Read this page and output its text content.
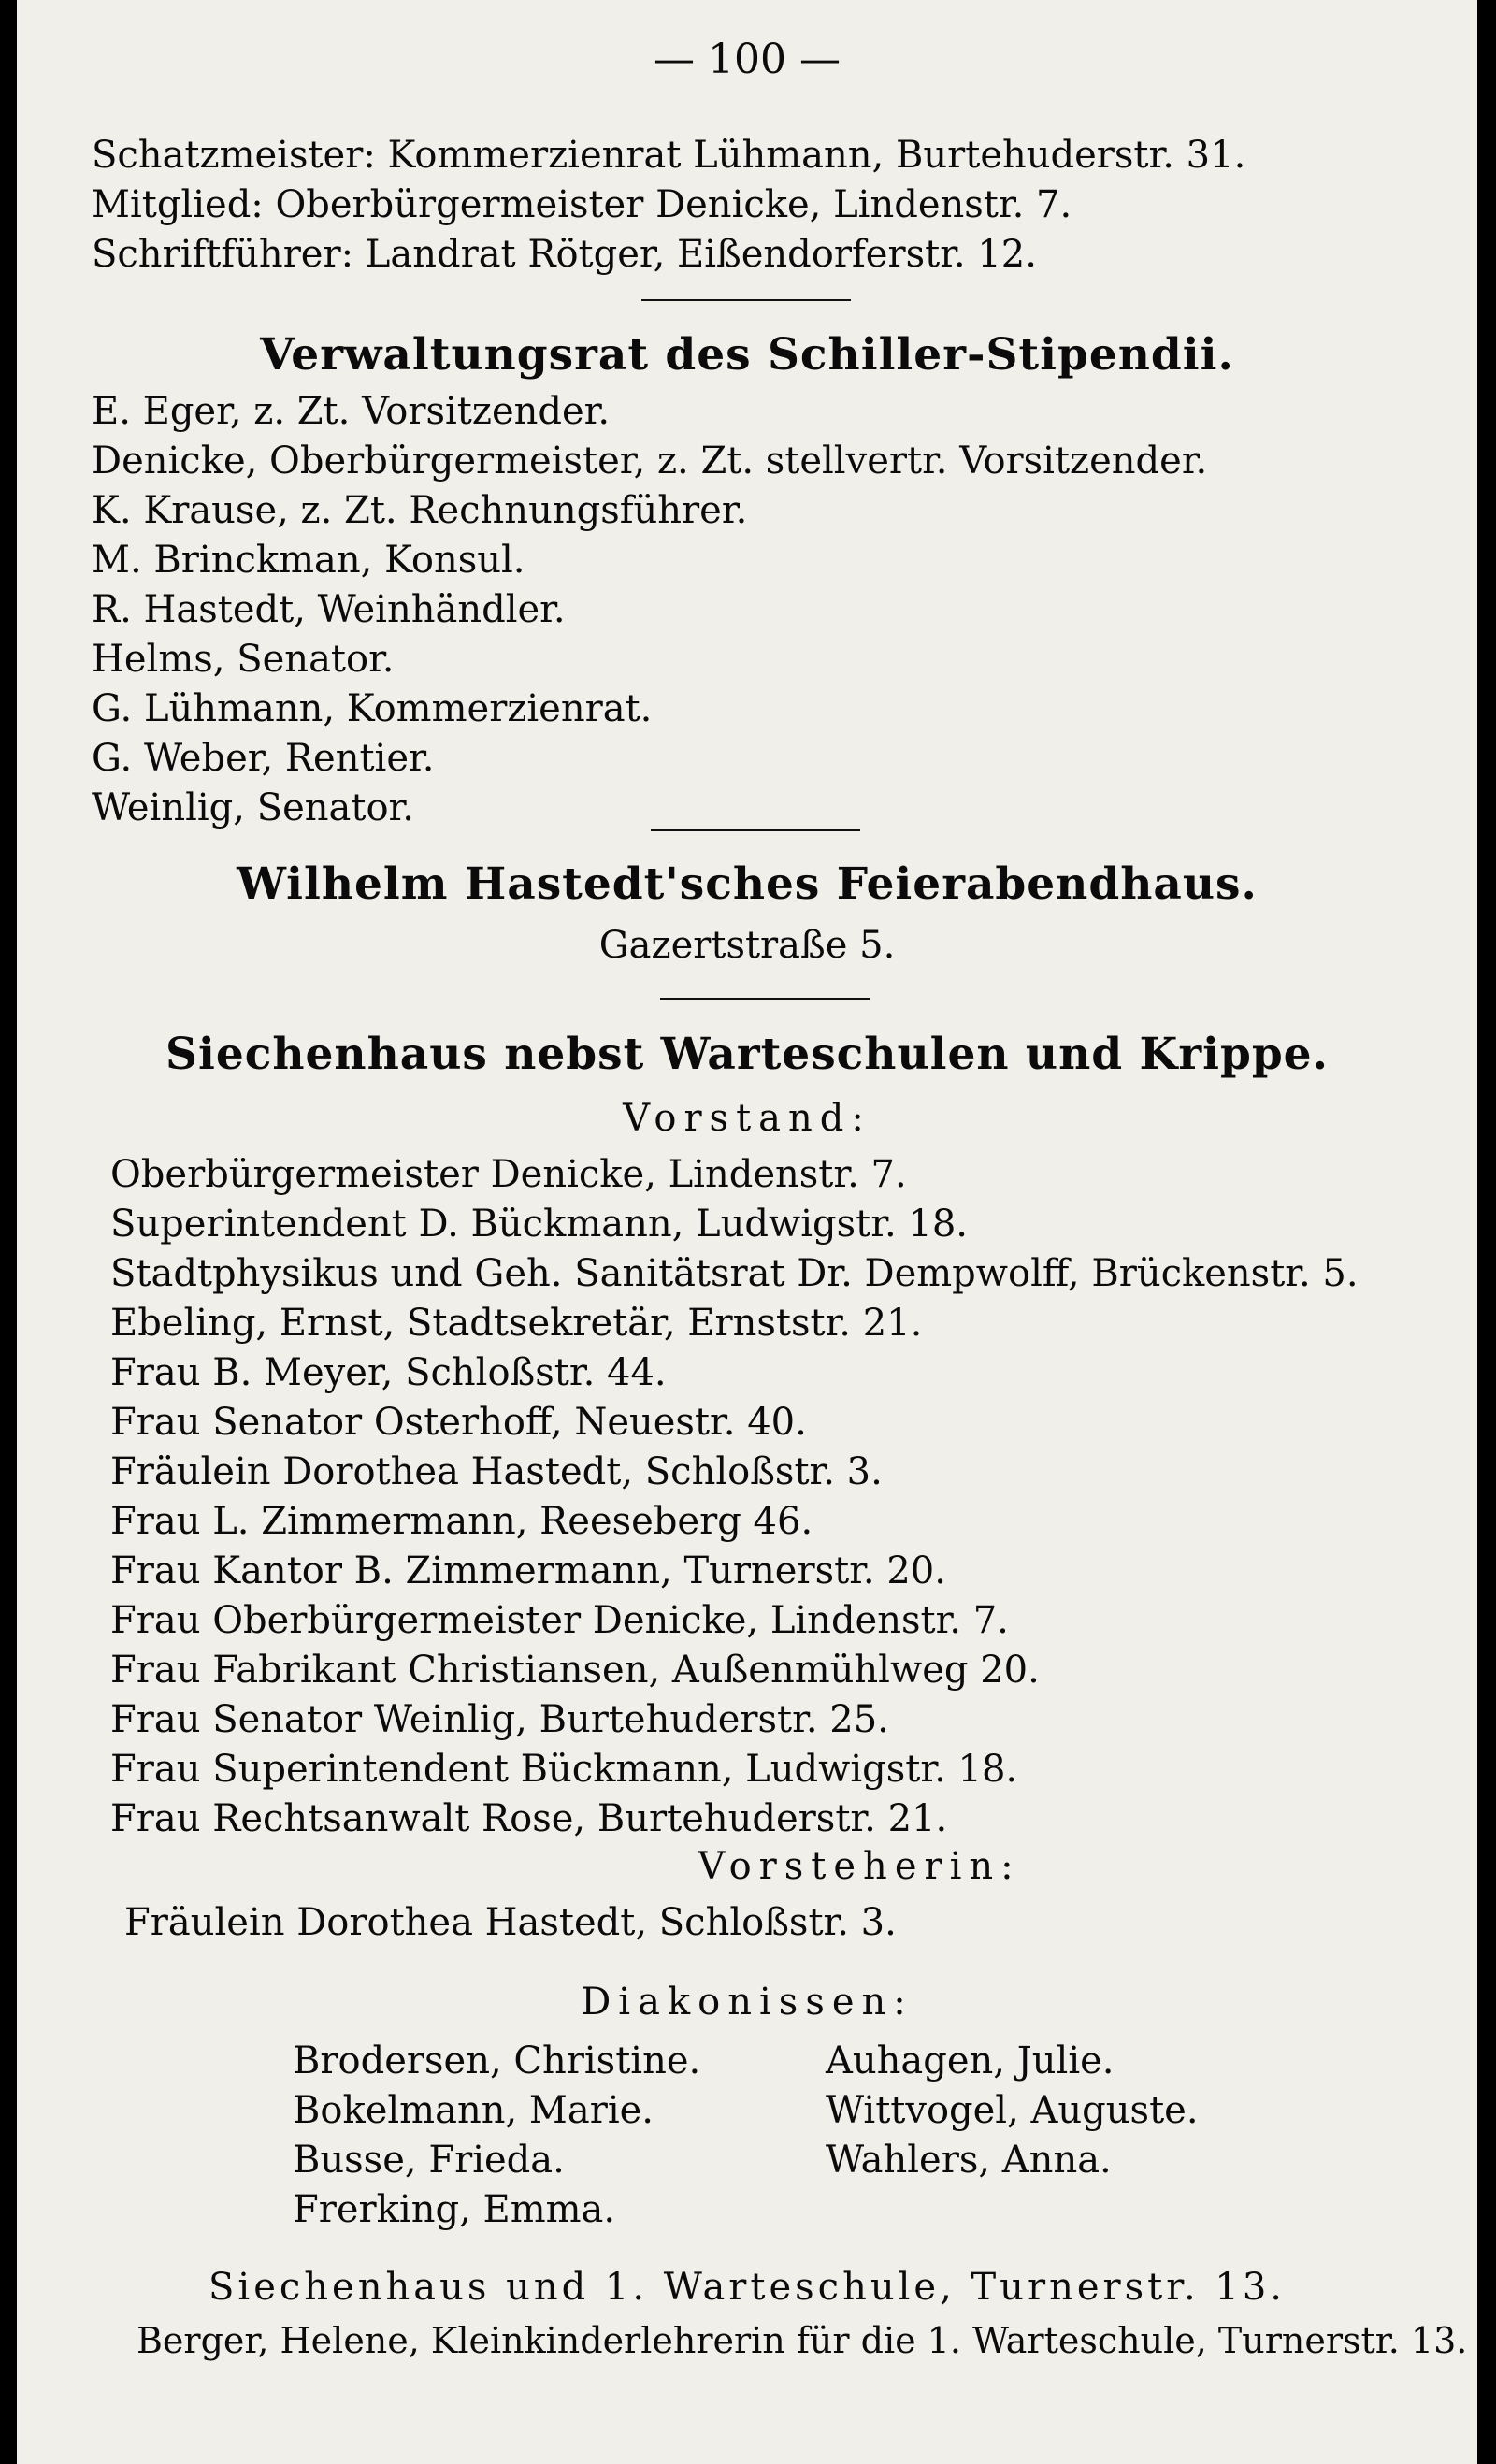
— 100 —
Schatzmeister: Kommerzienrat Lühmann, Burtehuderstr. 31.
Mitglied: Oberbürgermeister Denicke, Lindenstr. 7.
Schriftführer: Landrat Rötger, Eißendorferstr. 12.
Verwaltungsrat des Schiller-Stipendii.
E. Eger, z. Zt. Vorsitzender.
Denicke, Oberbürgermeister, z. Zt. stellvertr. Vorsitzender.
K. Krause, z. Zt. Rechnungsführer.
M. Brinckman, Konsul.
R. Hastedt, Weinhändler.
Helms, Senator.
G. Lühmann, Kommerzienrat.
G. Weber, Rentier.
Weinlig, Senator.
Wilhelm Hastedt'sches Feierabendhaus.
Gazertstraße 5.
Siechenhaus nebst Warteschulen und Krippe.
Vorstand:
Oberbürgermeister Denicke, Lindenstr. 7.
Superintendent D. Bückmann, Ludwigstr. 18.
Stadtphysikus und Geh. Sanitätsrat Dr. Dempwolff, Brückenstr. 5.
Ebeling, Ernst, Stadtsekretär, Ernststr. 21.
Frau B. Meyer, Schloßstr. 44.
Frau Senator Osterhoff, Neuestr. 40.
Fräulein Dorothea Hastedt, Schloßstr. 3.
Frau L. Zimmermann, Reeseberg 46.
Frau Kantor B. Zimmermann, Turnerstr. 20.
Frau Oberbürgermeister Denicke, Lindenstr. 7.
Frau Fabrikant Christiansen, Außenmühlweg 20.
Frau Senator Weinlig, Burtehuderstr. 25.
Frau Superintendent Bückmann, Ludwigstr. 18.
Frau Rechtsanwalt Rose, Burtehuderstr. 21.
Vorsteherin:
Fräulein Dorothea Hastedt, Schloßstr. 3.
Diakonissen:
Brodersen, Christine.
Bokelmann, Marie.
Busse, Frieda.
Frerking, Emma.
Auhagen, Julie.
Wittvogel, Auguste.
Wahlers, Anna.
Siechenhaus und 1. Warteschule, Turnerstr. 13.
Berger, Helene, Kleinkinderlehrerin für die 1. Warteschule, Turnerstr. 13.
